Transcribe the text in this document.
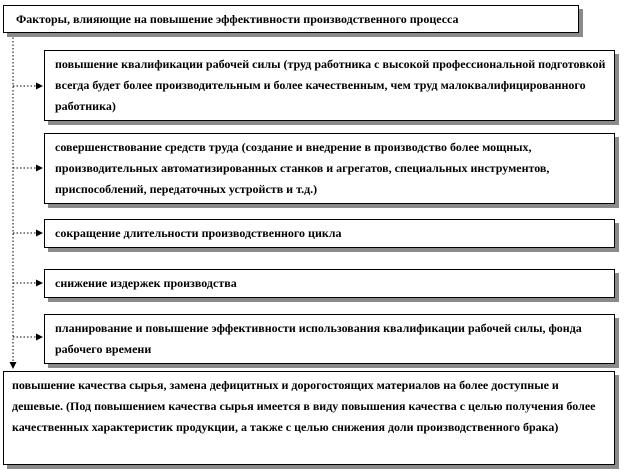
Факторы, влияющие на повышение эффективности производственного процесса
повышение квалификации рабочей силы (труд работника с высокой профессиональной подготовкой всегда будет более производительным и более качественным, чем труд малоквалифицированного работника)
совершенствование средств труда (создание и внедрение в производство более мощных, производительных автоматизированных станков и агрегатов, специальных инструментов, приспособлений, передаточных устройств и т.д.)
сокращение длительности производственного цикла
снижение издержек производства
планирование и повышение эффективности использования квалификации рабочей силы, фонда рабочего времени
повышение качества сырья, замена дефицитных и дорогостоящих материалов на более доступные и дешевые. (Под повышением качества сырья имеется в виду повышения качества с целью получения более качественных характеристик продукции, а также с целью снижения доли производственного брака)
